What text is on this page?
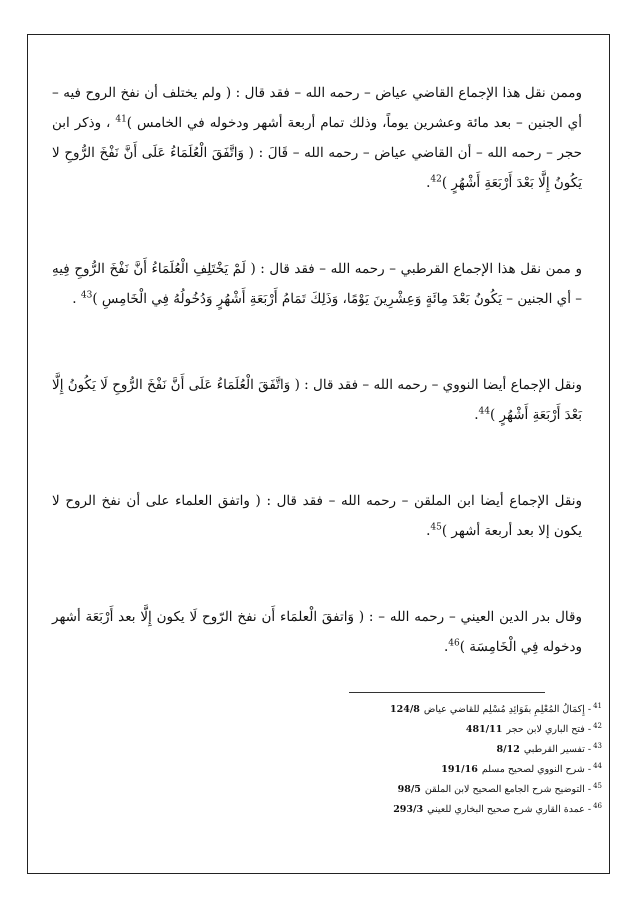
وممن نقل هذا الإجماع القاضي عياض – رحمه الله – فقد قال : ( ولم يختلف أن نفخ الروح فيه – أي الجنين – بعد مائة وعشرين يوماً، وذلك تمام أربعة أشهر ودخوله في الخامس )$^{41}$ ، وذكر ابن حجر – رحمه الله – أن القاضي عياض – رحمه الله – قَالَ : ( وَاتَّفَقَ الْعُلَمَاءُ عَلَى أَنَّ نَفْخَ الرُّوحِ لا يَكُونُ إِلَّا بَعْدَ أَرْبَعَةِ أَشْهُرٍ )$^{42}$.

و ممن نقل هذا الإجماع القرطبي – رحمه الله – فقد قال : ( لَمْ يَخْتَلِفِ الْعُلَمَاءُ أَنَّ نَفْخَ الرُّوحِ فِيهِ – أي الجنين – يَكُونُ بَعْدَ مِائَةٍ وَعِشْرِينَ يَوْمًا، وَذَلِكَ تَمَامُ أَرْبَعَةِ أَشْهُرٍ وَدُخُولُهُ فِي الْخَامِسِ )$^{43}$ .

ونقل الإجماع أيضا النووي – رحمه الله – فقد قال : ( وَاتَّفَقَ الْعُلَمَاءُ عَلَى أَنَّ نَفْخَ الرُّوحِ لَا يَكُونُ إِلَّا بَعْدَ أَرْبَعَةِ أَشْهُرٍ )$^{44}$.

ونقل الإجماع أيضا ابن الملقن – رحمه الله – فقد قال : ( واتفق العلماء على أن نفخ الروح لا يكون إلا بعد أربعة أشهر )$^{45}$.

وقال بدر الدين العيني – رحمه الله – : ( وَاتفقَ الْعلمَاء أَن نفخ الرّوح لَا يكون إِلَّا بعد أَرْبَعَة أشهر ودخوله فِي الْخَامِسَة )$^{46}$.

$^{41}$- إِكمَالُ المُعْلِمِ بفَوَائِدِ مُسْلِم للقاضي عياض124/8
$^{42}$- فتح الباري لابن حجر481/11
$^{43}$- تفسير القرطبي8/12
$^{44}$- شرح النووي لصحيح مسلم191/16
$^{45}$- التوضيح شرح الجامع الصحيح لابن الملقن98/5
$^{46}$- عمدة القاري شرح صحيح البخاري للعيني293/3
